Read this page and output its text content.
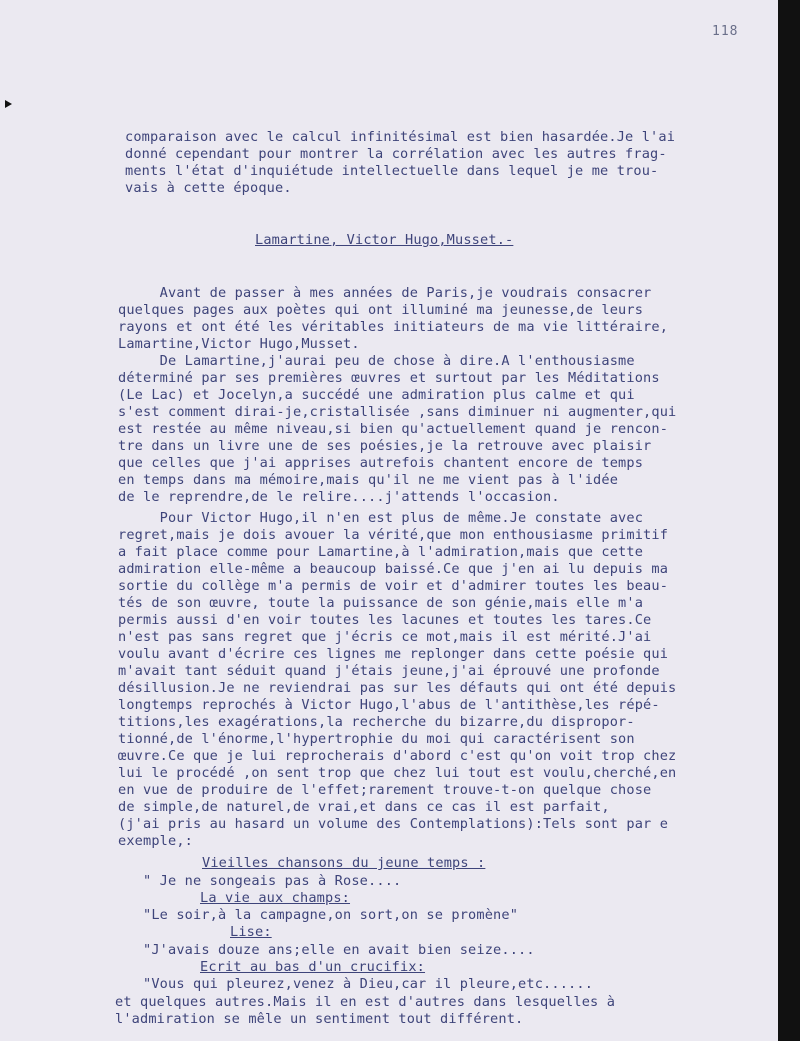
118
comparaison avec le calcul infinitésimal est bien hasardée.Je l'ai
donné cependant pour montrer la corrélation avec les autres frag-
ments l'état d'inquiétude intellectuelle dans lequel je me trou-
vais à cette époque.
Lamartine, Victor Hugo,Musset.-
Avant de passer à mes années de Paris,je voudrais consacrer
quelques pages aux poètes qui ont illuminé ma jeunesse,de leurs
rayons et ont été les véritables initiateurs de ma vie littéraire,
Lamartine,Victor Hugo,Musset.
De Lamartine,j'aurai peu de chose à dire.A l'enthousiasme
déterminé par ses premières œuvres et surtout par les Méditations
(Le Lac) et Jocelyn,a succédé une admiration plus calme et qui
s'est comment dirai-je,cristallisée ,sans diminuer ni augmenter,qui
est restée au même niveau,si bien qu'actuellement quand je rencon-
tre dans un livre une de ses poésies,je la retrouve avec plaisir
que celles que j'ai apprises autrefois chantent encore de temps
en temps dans ma mémoire,mais qu'il ne me vient pas à l'idée
de le reprendre,de le relire....j'attends l'occasion.
Pour Victor Hugo,il n'en est plus de même.Je constate avec
regret,mais je dois avouer la vérité,que mon enthousiasme primitif
a fait place comme pour Lamartine,à l'admiration,mais que cette
admiration elle-même a beaucoup baissé.Ce que j'en ai lu depuis ma
sortie du collège m'a permis de voir et d'admirer toutes les beau-
tés de son œuvre, toute la puissance de son génie,mais elle m'a
permis aussi d'en voir toutes les lacunes et toutes les tares.Ce
n'est pas sans regret que j'écris ce mot,mais il est mérité.J'ai
voulu avant d'écrire ces lignes me replonger dans cette poésie qui
m'avait tant séduit quand j'étais jeune,j'ai éprouvé une profonde
désillusion.Je ne reviendrai pas sur les défauts qui ont été depuis
longtemps reprochés à Victor Hugo,l'abus de l'antithèse,les répé-
titions,les exagérations,la recherche du bizarre,du dispropor-
tionné,de l'énorme,l'hypertrophie du moi qui caractérisent son
œuvre.Ce que je lui reprocherais d'abord c'est qu'on voit trop chez
lui le procédé ,on sent trop que chez lui tout est voulu,cherché,en
en vue de produire de l'effet;rarement trouve-t-on quelque chose
de simple,de naturel,de vrai,et dans ce cas il est parfait,
(j'ai pris au hasard un volume des Contemplations):Tels sont par e
exemple,:
Vieilles chansons du jeune temps :
" Je ne songeais pas à Rose....
La vie aux champs:
"Le soir,à la campagne,on sort,on se promène"
Lise:
"J'avais douze ans;elle en avait bien seize....
Ecrit au bas d'un crucifix:
"Vous qui pleurez,venez à Dieu,car il pleure,etc......
et quelques autres.Mais il en est d'autres dans lesquelles à
l'admiration se mêle un sentiment tout différent.
